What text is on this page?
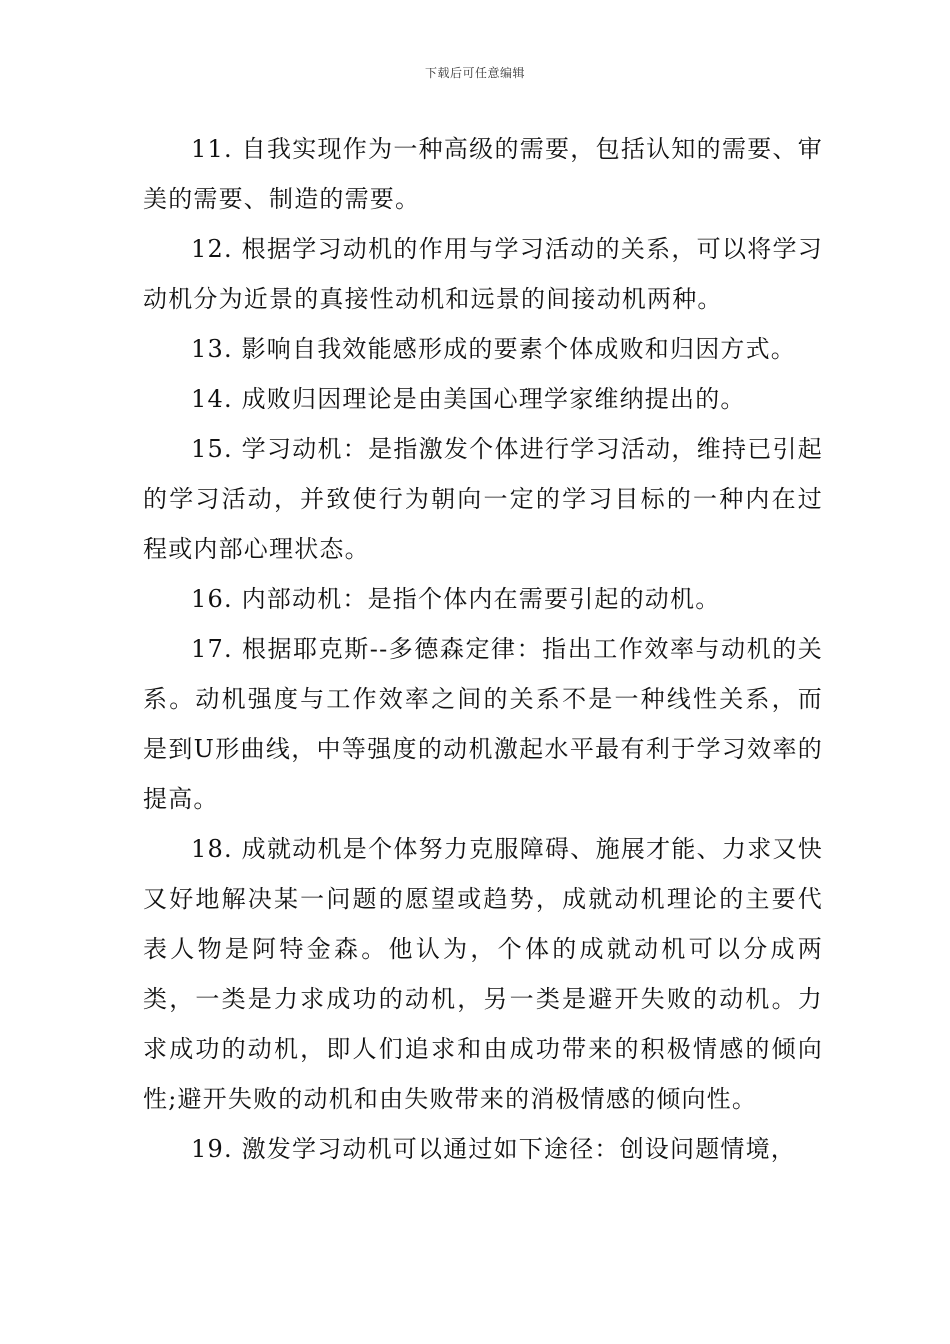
下载后可任意编辑

11. 自我实现作为一种高级的需要，包括认知的需要、审美的需要、制造的需要。

12. 根据学习动机的作用与学习活动的关系，可以将学习动机分为近景的真接性动机和远景的间接动机两种。

13. 影响自我效能感形成的要素个体成败和归因方式。

14. 成败归因理论是由美国心理学家维纳提出的。

15. 学习动机：是指激发个体进行学习活动，维持已引起的学习活动，并致使行为朝向一定的学习目标的一种内在过程或内部心理状态。

16. 内部动机：是指个体内在需要引起的动机。

17. 根据耶克斯--多德森定律：指出工作效率与动机的关系。动机强度与工作效率之间的关系不是一种线性关系，而是到U形曲线，中等强度的动机激起水平最有利于学习效率的提高。

18. 成就动机是个体努力克服障碍、施展才能、力求又快又好地解决某一问题的愿望或趋势，成就动机理论的主要代表人物是阿特金森。他认为，个体的成就动机可以分成两类，一类是力求成功的动机，另一类是避开失败的动机。力求成功的动机，即人们追求和由成功带来的积极情感的倾向性;避开失败的动机和由失败带来的消极情感的倾向性。

19. 激发学习动机可以通过如下途径：创设问题情境，
